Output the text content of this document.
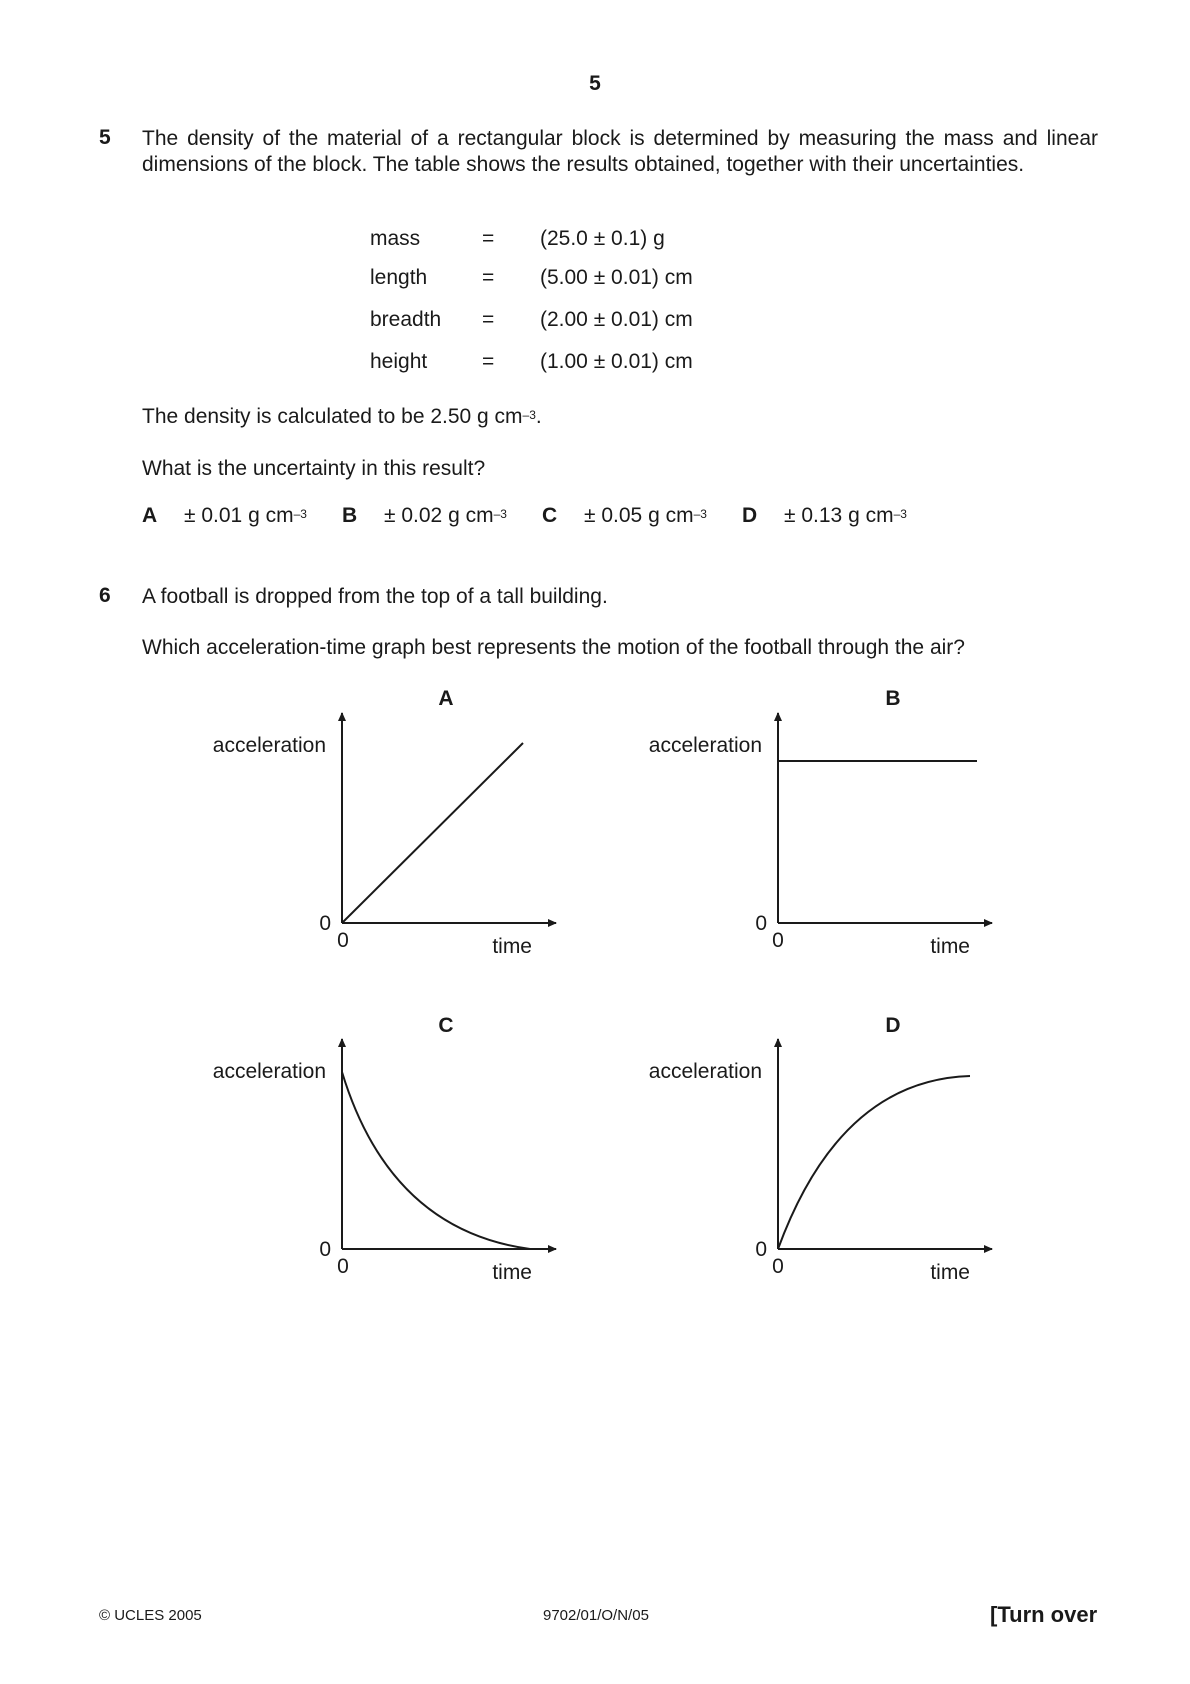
5
5 The density of the material of a rectangular block is determined by measuring the mass and linear dimensions of the block. The table shows the results obtained, together with their uncertainties.
mass	= (25.0 ± 0.1) g
length	= (5.00 ± 0.01) cm
breadth = (2.00 ± 0.01) cm
height	= (1.00 ± 0.01) cm
The density is calculated to be 2.50 g $cm^{-3}$.
What is the uncertainty in this result?
A ± 0.01 g $cm^{-3}$ B ± 0.02 g $cm^{-3}$ C ± 0.05 g $cm^{-3}$ D ± 0.13 g $cm^{-3}$
6 A football is dropped from the top of a tall building.
Which acceleration-time graph best represents the motion of the football through the air?
A
acceleration
time
0
0
B
acceleration
time
0
0
C
acceleration
time
0
0
D
acceleration
time
0
0
© UCLES 2005	9702/01/O/N/05	[Turn over
